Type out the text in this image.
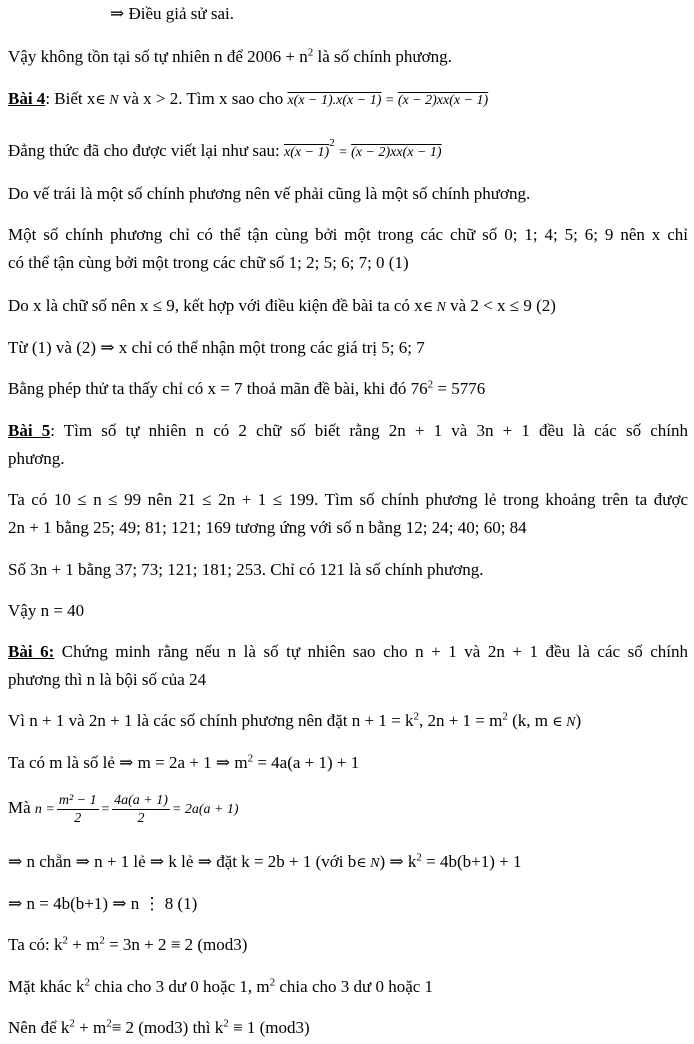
⇒ Điều giả sử sai.
Vậy không tồn tại số tự nhiên n để $2006 + n^2$ là số chính phương.
Bài 4: Biết x∈ N và x > 2. Tìm x sao cho x(x − 1).x(x − 1) = (x − 2)xx(x − 1)
Đẳng thức đã cho được viết lại như sau: $x(x - 1)^2 = (x - 2)xx(x - 1)$
Do vế trái là một số chính phương nên vế phải cũng là một số chính phương.
Một số chính phương chỉ có thể tận cùng bởi một trong các chữ số 0; 1; 4; 5; 6; 9 nên x chỉ
có thể tận cùng bởi một trong các chữ số 1; 2; 5; 6; 7; 0 (1)
Do x là chữ số nên x ≤ 9, kết hợp với điều kiện đề bài ta có x∈ N và 2 < x ≤ 9 (2)
Từ (1) và (2) ⇒ x chỉ có thể nhận một trong các giá trị 5; 6; 7
Bằng phép thử ta thấy chỉ có x = 7 thoả mãn đề bài, khi đó $76^2 = 5776$
Bài 5: Tìm số tự nhiên n có 2 chữ số biết rằng 2n + 1 và 3n + 1 đều là các số chính
phương.
Ta có 10 ≤ n ≤ 99 nên 21 ≤ 2n + 1 ≤ 199. Tìm số chính phương lẻ trong khoảng trên ta được
2n + 1 bằng 25; 49; 81; 121; 169 tương ứng với số n bằng 12; 24; 40; 60; 84
Số 3n + 1 bằng 37; 73; 121; 181; 253. Chỉ có 121 là số chính phương.
Vậy n = 40
Bài 6: Chứng minh rằng nếu n là số tự nhiên sao cho n + 1 và 2n + 1 đều là các số chính
phương thì n là bội số của 24
Vì n + 1 và 2n + 1 là các số chính phương nên đặt $n + 1 = k^2$, $2n + 1 = m^2$ (k, m ∈ N)
Ta có m là số lẻ ⇒ m = 2a + 1 ⇒ $m^2 = 4a(a + 1) + 1$
Mà $n = \frac{\text{m² − 1}}{2} = \frac{4a(a + 1)}{2} = 2a(a + 1)$
⇒ n chẵn ⇒ n + 1 lẻ ⇒ k lẻ ⇒ đặt k = 2b + 1 (với b∈ N) ⇒ $k^2 = 4b(b+1) + 1$
⇒ n = 4b(b+1) ⇒ n ⋮ 8 (1)
Ta có: $k^2 + m^2 = 3n + 2 \equiv 2$ (mod3)
Mặt khác $k^2$ chia cho 3 dư 0 hoặc 1, $m^2$ chia cho 3 dư 0 hoặc 1
Nên để $k^2 + m^2\equiv 2$ (mod3) thì $k^2 \equiv 1$ (mod3)
